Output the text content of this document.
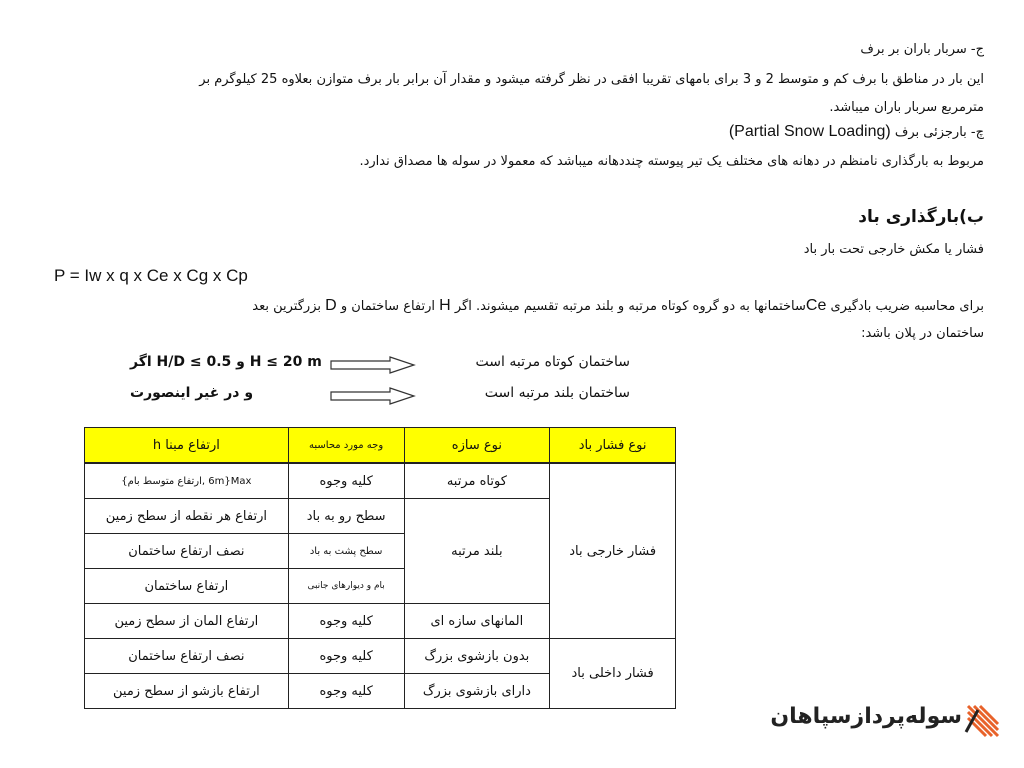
ج- سربار باران بر برف
این بار در مناطق با برف کم و متوسط 2 و 3 برای بامهای تقریبا افقی در نظر گرفته میشود و مقدار آن برابر بار برف متوازن بعلاوه 25 کیلوگرم بر
مترمربع سربار باران میباشد.
چ- بارجزئی برف (Partial Snow Loading)
مربوط به بارگذاری نامنظم در دهانه های مختلف یک تیر پیوسته چنددهانه میباشد که معمولا در سوله ها مصداق ندارد.
ب)بارگذاری باد
فشار یا مکش خارجی تحت بار باد
P = Iw x q x Ce x Cg x Cp
برای محاسبه ضریب بادگیری Ceساختمانها به دو گروه کوتاه مرتبه و بلند مرتبه تقسیم میشوند. اگر H ارتفاع ساختمان و D بزرگترین بعد
ساختمان در پلان باشد:
ساختمان کوتاه مرتبه است
H ≤ 20 m و H/D ≤ 0.5 اگر
ساختمان بلند مرتبه است
و در غیر اینصورت
نوع فشار باد	نوع سازه	وجه مورد محاسبه	ارتفاع مبنا h
فشار خارجی باد	کوتاه مرتبه	کلیه وجوه	Max{6m ,ارتفاع متوسط بام}
	بلند مرتبه	سطح رو به باد	ارتفاع هر نقطه از سطح زمین
		سطح پشت به باد	نصف ارتفاع ساختمان
		بام و دیوارهای جانبی	ارتفاع ساختمان
	المانهای سازه ای	کلیه وجوه	ارتفاع المان از سطح زمین
فشار داخلی باد	بدون بازشوی بزرگ	کلیه وجوه	نصف ارتفاع ساختمان
	دارای بازشوی بزرگ	کلیه وجوه	ارتفاع بازشو از سطح زمین
سوله‌پردازسپاهان
